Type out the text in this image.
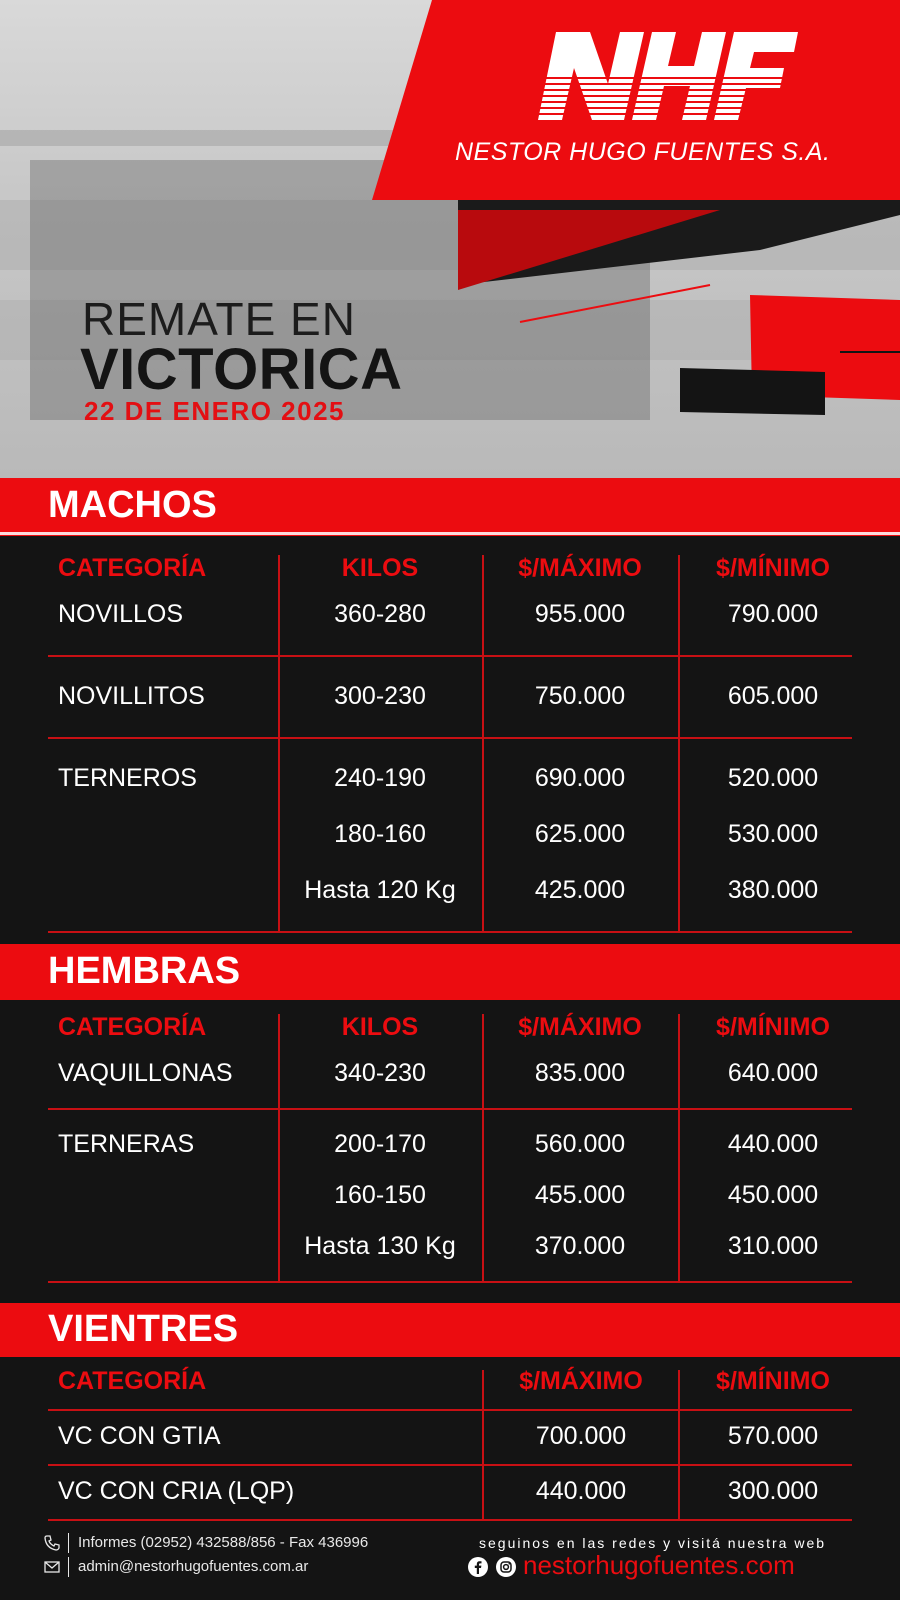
NESTOR HUGO FUENTES S.A.
REMATE EN
VICTORICA
22 DE ENERO 2025
MACHOS
CATEGORÍA	KILOS	$/MÁXIMO	$/MÍNIMO
NOVILLOS	360-280	955.000	790.000
NOVILLITOS	300-230	750.000	605.000
TERNEROS	240-190	690.000	520.000
180-160	625.000	530.000
Hasta 120 Kg	425.000	380.000
HEMBRAS
CATEGORÍA	KILOS	$/MÁXIMO	$/MÍNIMO
VAQUILLONAS	340-230	835.000	640.000
TERNERAS	200-170	560.000	440.000
160-150	455.000	450.000
Hasta 130 Kg	370.000	310.000
VIENTRES
CATEGORÍA	$/MÁXIMO	$/MÍNIMO
VC CON GTIA	700.000	570.000
VC CON CRIA (LQP)	440.000	300.000
Informes (02952) 432588/856 - Fax 436996
admin@nestorhugofuentes.com.ar
seguinos en las redes y visitá nuestra web
nestorhugofuentes.com
